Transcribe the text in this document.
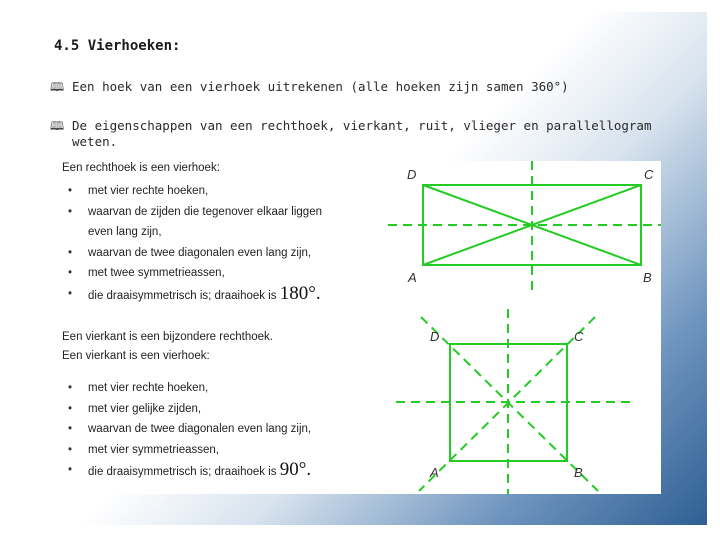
4.5 Vierhoeken:
🕮 Een hoek van een vierhoek uitrekenen (alle hoeken zijn samen 360°)
🕮 De eigenschappen van een rechthoek, vierkant, ruit, vlieger en parallellogram
weten.
Een rechthoek is een vierhoek:
• met vier rechte hoeken,
• waarvan de zijden die tegenover elkaar liggen
even lang zijn,
• waarvan de twee diagonalen even lang zijn,
• met twee symmetrieassen,
• die draaisymmetrisch is; draaihoek is 180°.
Een vierkant is een bijzondere rechthoek.
Een vierkant is een vierhoek:
• met vier rechte hoeken,
• met vier gelijke zijden,
• waarvan de twee diagonalen even lang zijn,
• met vier symmetrieassen,
• die draaisymmetrisch is; draaihoek is 90°.
D	C
A	B
D	C
A	B
